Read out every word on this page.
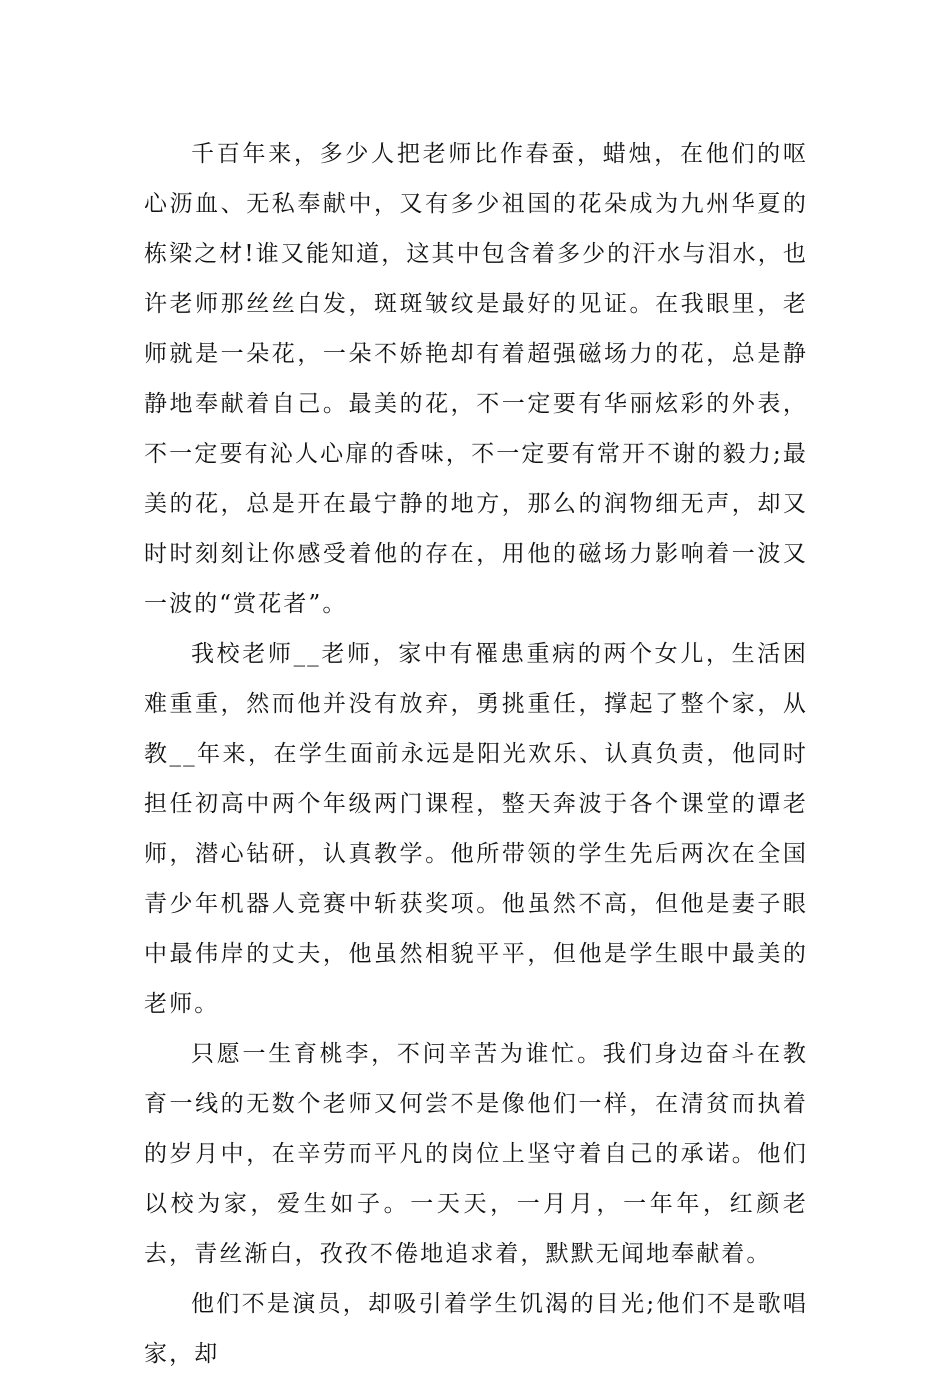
千百年来，多少人把老师比作春蚕，蜡烛，在他们的呕心沥血、无私奉献中，又有多少祖国的花朵成为九州华夏的栋梁之材!谁又能知道，这其中包含着多少的汗水与泪水，也许老师那丝丝白发，斑斑皱纹是最好的见证。在我眼里，老师就是一朵花，一朵不娇艳却有着超强磁场力的花，总是静静地奉献着自己。最美的花，不一定要有华丽炫彩的外表，不一定要有沁人心扉的香味，不一定要有常开不谢的毅力;最美的花，总是开在最宁静的地方，那么的润物细无声，却又时时刻刻让你感受着他的存在，用他的磁场力影响着一波又一波的“赏花者”。

我校老师__老师，家中有罹患重病的两个女儿，生活困难重重，然而他并没有放弃，勇挑重任，撑起了整个家，从教__年来，在学生面前永远是阳光欢乐、认真负责，他同时担任初高中两个年级两门课程，整天奔波于各个课堂的谭老师，潜心钻研，认真教学。他所带领的学生先后两次在全国青少年机器人竞赛中斩获奖项。他虽然不高，但他是妻子眼中最伟岸的丈夫，他虽然相貌平平，但他是学生眼中最美的老师。

只愿一生育桃李，不问辛苦为谁忙。我们身边奋斗在教育一线的无数个老师又何尝不是像他们一样，在清贫而执着的岁月中，在辛劳而平凡的岗位上坚守着自己的承诺。他们以校为家，爱生如子。一天天，一月月，一年年，红颜老去，青丝渐白，孜孜不倦地追求着，默默无闻地奉献着。

他们不是演员，却吸引着学生饥渴的目光;他们不是歌唱家，却
